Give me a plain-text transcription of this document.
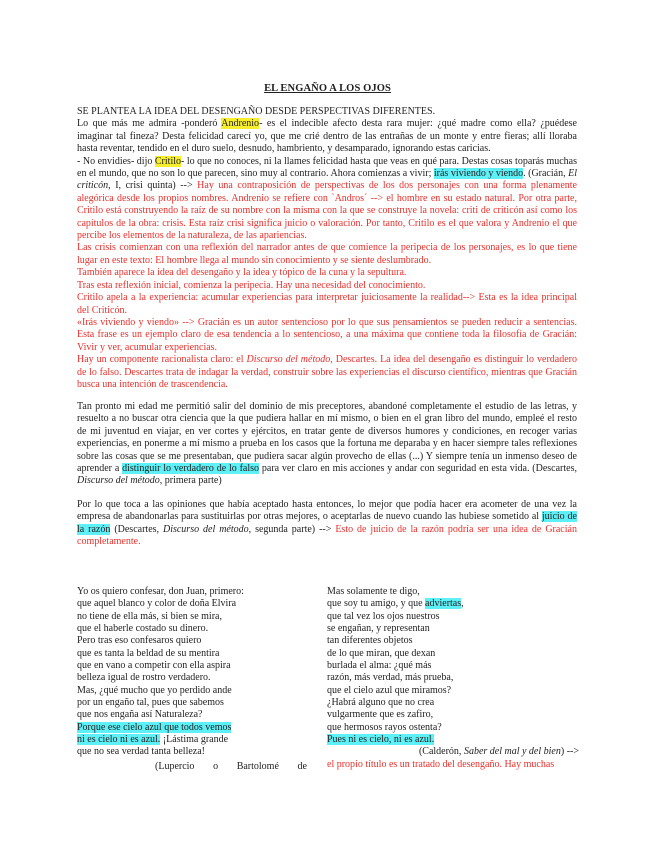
EL ENGAÑO A LOS OJOS

SE PLANTEA LA IDEA DEL DESENGAÑO DESDE PERSPECTIVAS DIFERENTES.

Lo que más me admira -ponderó Andrenio- es el indecible afecto desta rara mujer: ¿qué madre como ella? ¿puédese imaginar tal fineza? Desta felicidad carecí yo, que me crié dentro de las entrañas de un monte y entre fieras; allí lloraba hasta reventar, tendido en el duro suelo, desnudo, hambriento, y desamparado, ignorando estas caricias.

- No envidies- dijo Critilo- lo que no conoces, ni la llames felicidad hasta que veas en qué para. Destas cosas toparás muchas en el mundo, que no son lo que parecen, sino muy al contrario. Ahora comienzas a vivir; irás viviendo y viendo. (Gracián, El criticón, I, crisi quinta) --> Hay una contraposición de perspectivas de los dos personajes con una forma plenamente alegórica desde los propios nombres. Andrenio se refiere con `Andros´ --> el hombre en su estado natural. Por otra parte, Critilo está construyendo la raíz de su nombre con la misma con la que se construye la novela: criti de criticón así como los capítulos de la obra: crisis. Esta raíz crisi significa juicio o valoración. Por tanto, Critilo es el que valora y Andrenio el que percibe los elementos de la naturaleza, de las apariencias.

Las crisis comienzan con una reflexión del narrador antes de que comience la peripecia de los personajes, es lo que tiene lugar en este texto: El hombre llega al mundo sin conocimiento y se siente deslumbrado.

También aparece la idea del desengaño y la idea y tópico de la cuna y la sepultura.

Tras esta reflexión inicial, comienza la peripecia. Hay una necesidad del conocimiento.

Critilo apela a la experiencia: acumular experiencias para interpretar juiciosamente la realidad--> Esta es la idea principal del Criticón.

«Irás viviendo y viendo» --> Gracián es un autor sentencioso por lo que sus pensamientos se pueden reducir a sentencias. Esta frase es un ejemplo claro de esa tendencia a lo sentencioso, a una máxima que contiene toda la filosofía de Gracián: Vivir y ver, acumular experiencias.

Hay un componente racionalista claro: el Discurso del método, Descartes. La idea del desengaño es distinguir lo verdadero de lo falso. Descartes trata de indagar la verdad, construir sobre las experiencias el discurso científico, mientras que Gracián busca una intención de trascendencia.

Tan pronto mi edad me permitió salir del dominio de mis preceptores, abandoné completamente el estudio de las letras, y resuelto a no buscar otra ciencia que la que pudiera hallar en mí mismo, o bien en el gran libro del mundo, empleé el resto de mi juventud en viajar, en ver cortes y ejércitos, en tratar gente de diversos humores y condiciones, en recoger varias experiencias, en ponerme a mí mismo a prueba en los casos que la fortuna me deparaba y en hacer siempre tales reflexiones sobre las cosas que se me presentaban, que pudiera sacar algún provecho de ellas (...) Y siempre tenía un inmenso deseo de aprender a distinguir lo verdadero de lo falso para ver claro en mis acciones y andar con seguridad en esta vida. (Descartes, Discurso del método, primera parte)

Por lo que toca a las opiniones que había aceptado hasta entonces, lo mejor que podía hacer era acometer de una vez la empresa de abandonarlas para sustituirlas por otras mejores, o aceptarlas de nuevo cuando las hubiese sometido al juicio de la razón (Descartes, Discurso del método, segunda parte) --> Esto de juicio de la razón podría ser una idea de Gracián completamente.

Yo os quiero confesar, don Juan, primero:
que aquel blanco y color de doña Elvira
no tiene de ella más, si bien se mira,
que el haberle costado su dinero.
Pero tras eso confesaros quiero
que es tanta la beldad de su mentira
que en vano a competir con ella aspira
belleza igual de rostro verdadero.
Mas, ¿qué mucho que yo perdido ande
por un engaño tal, pues que sabemos
que nos engaña así Naturaleza?
Porque ese cielo azul que todos vemos
ni es cielo ni es azul. ¡Lástima grande
que no sea verdad tanta belleza!
(Lupercio o Bartolomé de
Mas solamente te digo,
que soy tu amigo, y que adviertas,
que tal vez los ojos nuestros
se engañan, y representan
tan diferentes objetos
de lo que miran, que dexan
burlada el alma: ¿qué más
razón, más verdad, más prueba,
que el cielo azul que miramos?
¿Habrá alguno que no crea
vulgarmente que es zafiro,
que hermosos rayos ostenta?
Pues ni es cielo, ni es azul.
(Calderón, Saber del mal y del bien) -->
el propio título es un tratado del desengaño. Hay muchas
